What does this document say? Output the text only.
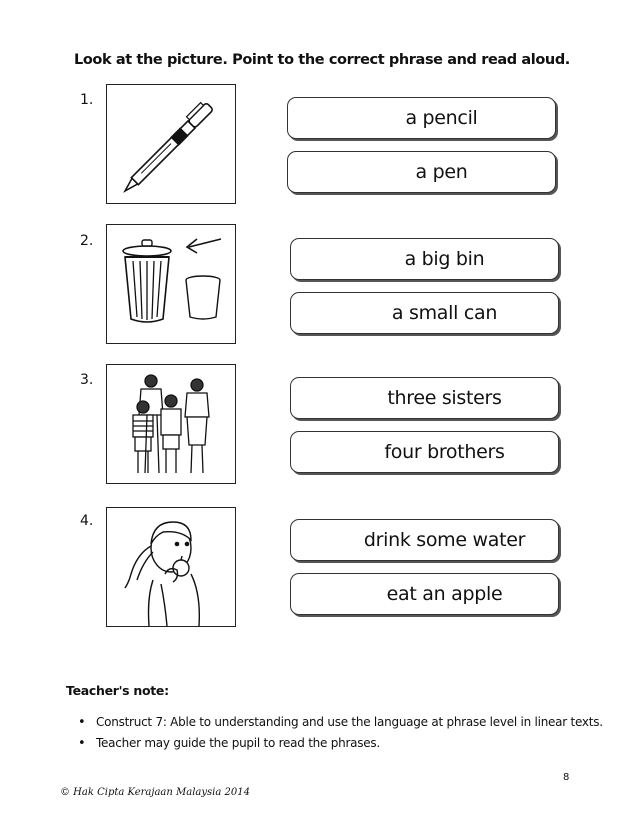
Look at the picture. Point to the correct phrase and read aloud.
1.
a pencil
a pen
2.
a big bin
a small can
3.
three sisters
four brothers
4.
drink some water
eat an apple
Teacher's note:
• Construct 7: Able to understanding and use the language at phrase level in linear texts.
• Teacher may guide the pupil to read the phrases.
8
© Hak Cipta Kerajaan Malaysia 2014
